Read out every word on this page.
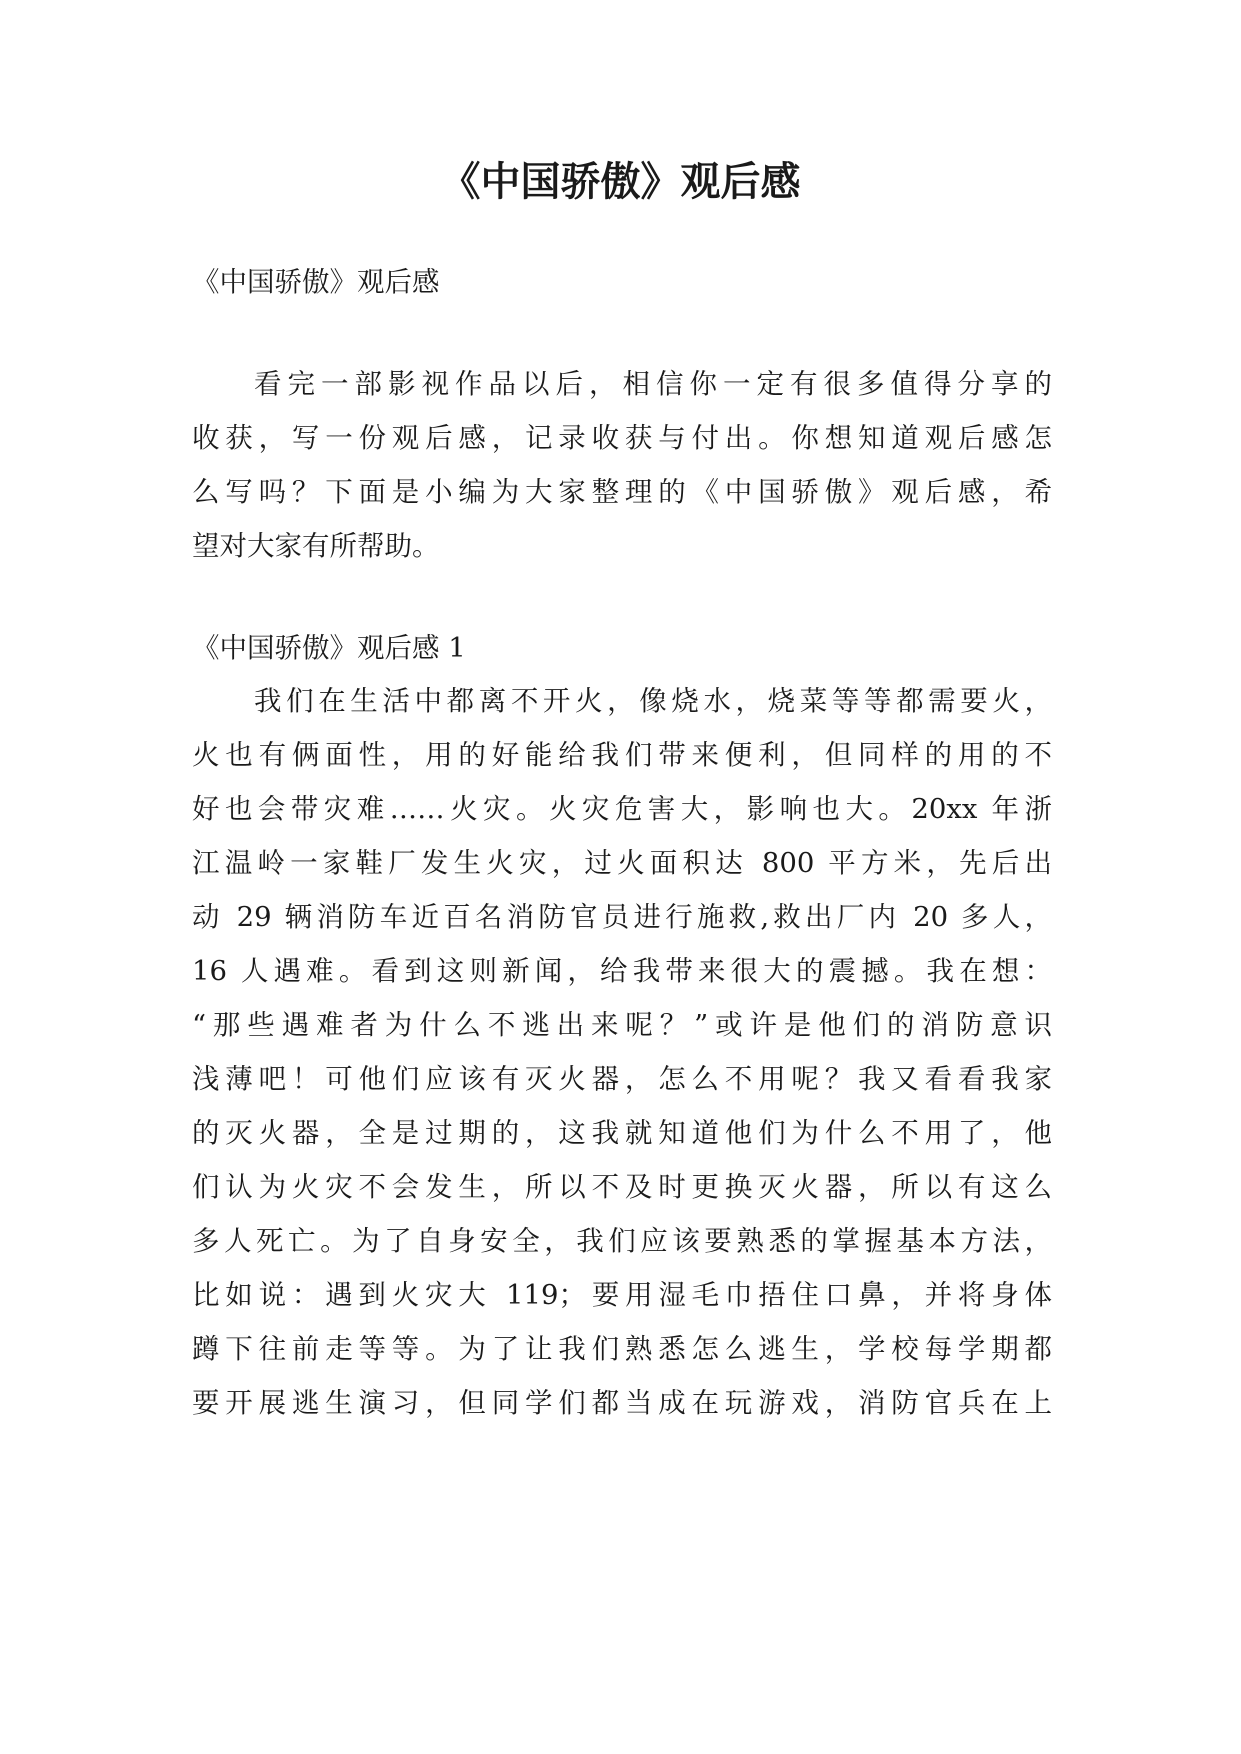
《中国骄傲》观后感

《中国骄傲》观后感

看完一部影视作品以后，相信你一定有很多值得分享的

收获，写一份观后感，记录收获与付出。你想知道观后感怎

么写吗？下面是小编为大家整理的《中国骄傲》观后感，希

望对大家有所帮助。

《中国骄傲》观后感 1

我们在生活中都离不开火，像烧水，烧菜等等都需要火，

火也有俩面性，用的好能给我们带来便利，但同样的用的不

好也会带灾难……火灾。火灾危害大，影响也大。20xx 年浙

江温岭一家鞋厂发生火灾，过火面积达 800 平方米，先后出

动 29 辆消防车近百名消防官员进行施救,救出厂内 20 多人，

16 人遇难。看到这则新闻，给我带来很大的震撼。我在想：

“那些遇难者为什么不逃出来呢？”或许是他们的消防意识

浅薄吧！可他们应该有灭火器，怎么不用呢？我又看看我家

的灭火器，全是过期的，这我就知道他们为什么不用了，他

们认为火灾不会发生，所以不及时更换灭火器，所以有这么

多人死亡。为了自身安全，我们应该要熟悉的掌握基本方法，

比如说：遇到火灾大 119；要用湿毛巾捂住口鼻，并将身体

蹲下往前走等等。为了让我们熟悉怎么逃生，学校每学期都

要开展逃生演习，但同学们都当成在玩游戏，消防官兵在上
